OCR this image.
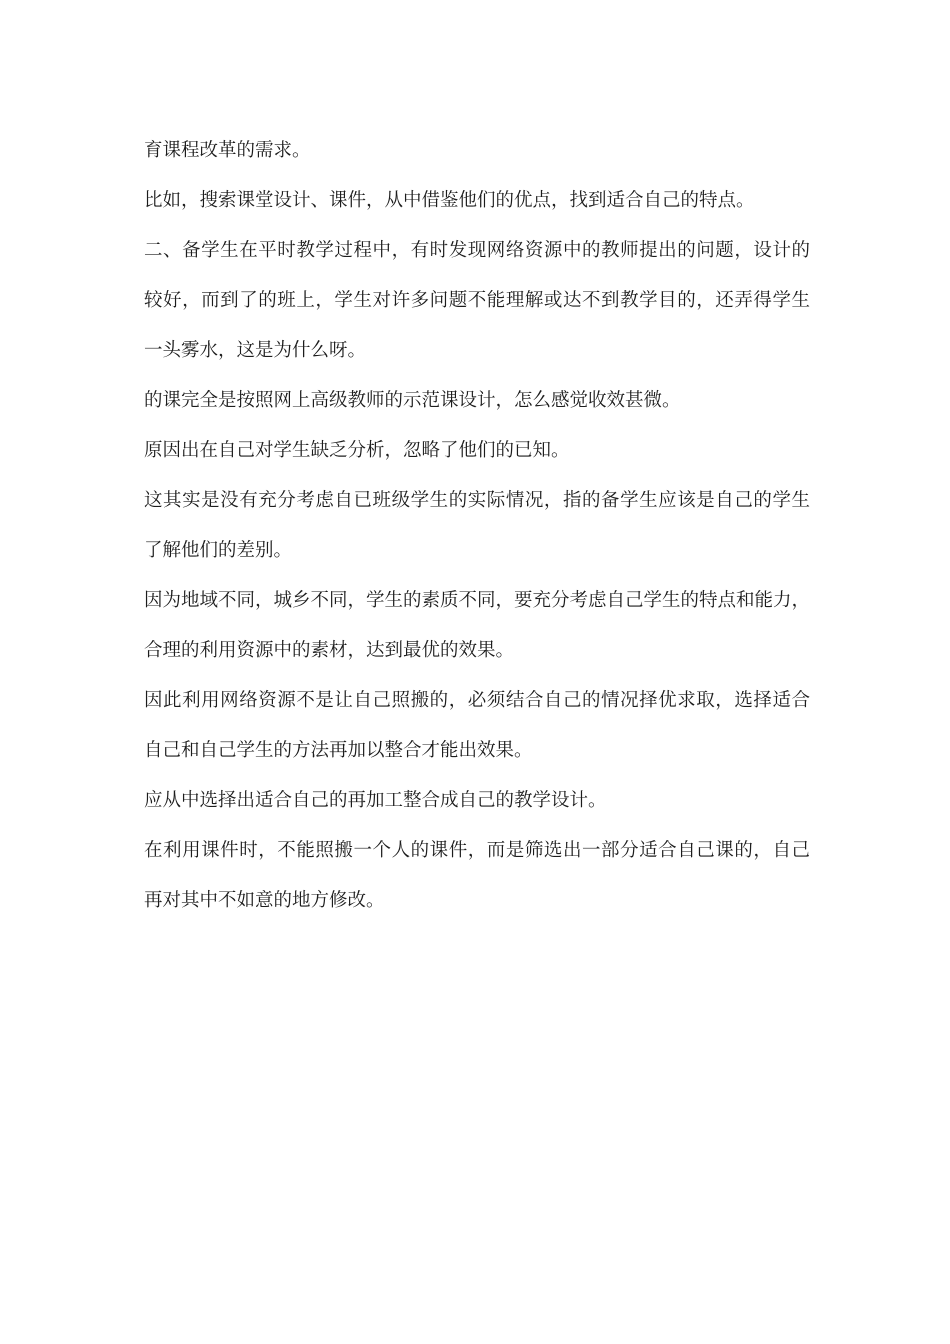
育课程改革的需求。
比如，搜索课堂设计、课件，从中借鉴他们的优点，找到适合自己的特点。
二、备学生在平时教学过程中，有时发现网络资源中的教师提出的问题，设计的
较好，而到了的班上，学生对许多问题不能理解或达不到教学目的，还弄得学生
一头雾水，这是为什么呀。
的课完全是按照网上高级教师的示范课设计，怎么感觉收效甚微。
原因出在自己对学生缺乏分析，忽略了他们的已知。
这其实是没有充分考虑自已班级学生的实际情况，指的备学生应该是自己的学生
了解他们的差别。
因为地域不同，城乡不同，学生的素质不同，要充分考虑自己学生的特点和能力，
合理的利用资源中的素材，达到最优的效果。
因此利用网络资源不是让自己照搬的，必须结合自己的情况择优求取，选择适合
自己和自己学生的方法再加以整合才能出效果。
应从中选择出适合自己的再加工整合成自己的教学设计。
在利用课件时，不能照搬一个人的课件，而是筛选出一部分适合自己课的，自己
再对其中不如意的地方修改。
